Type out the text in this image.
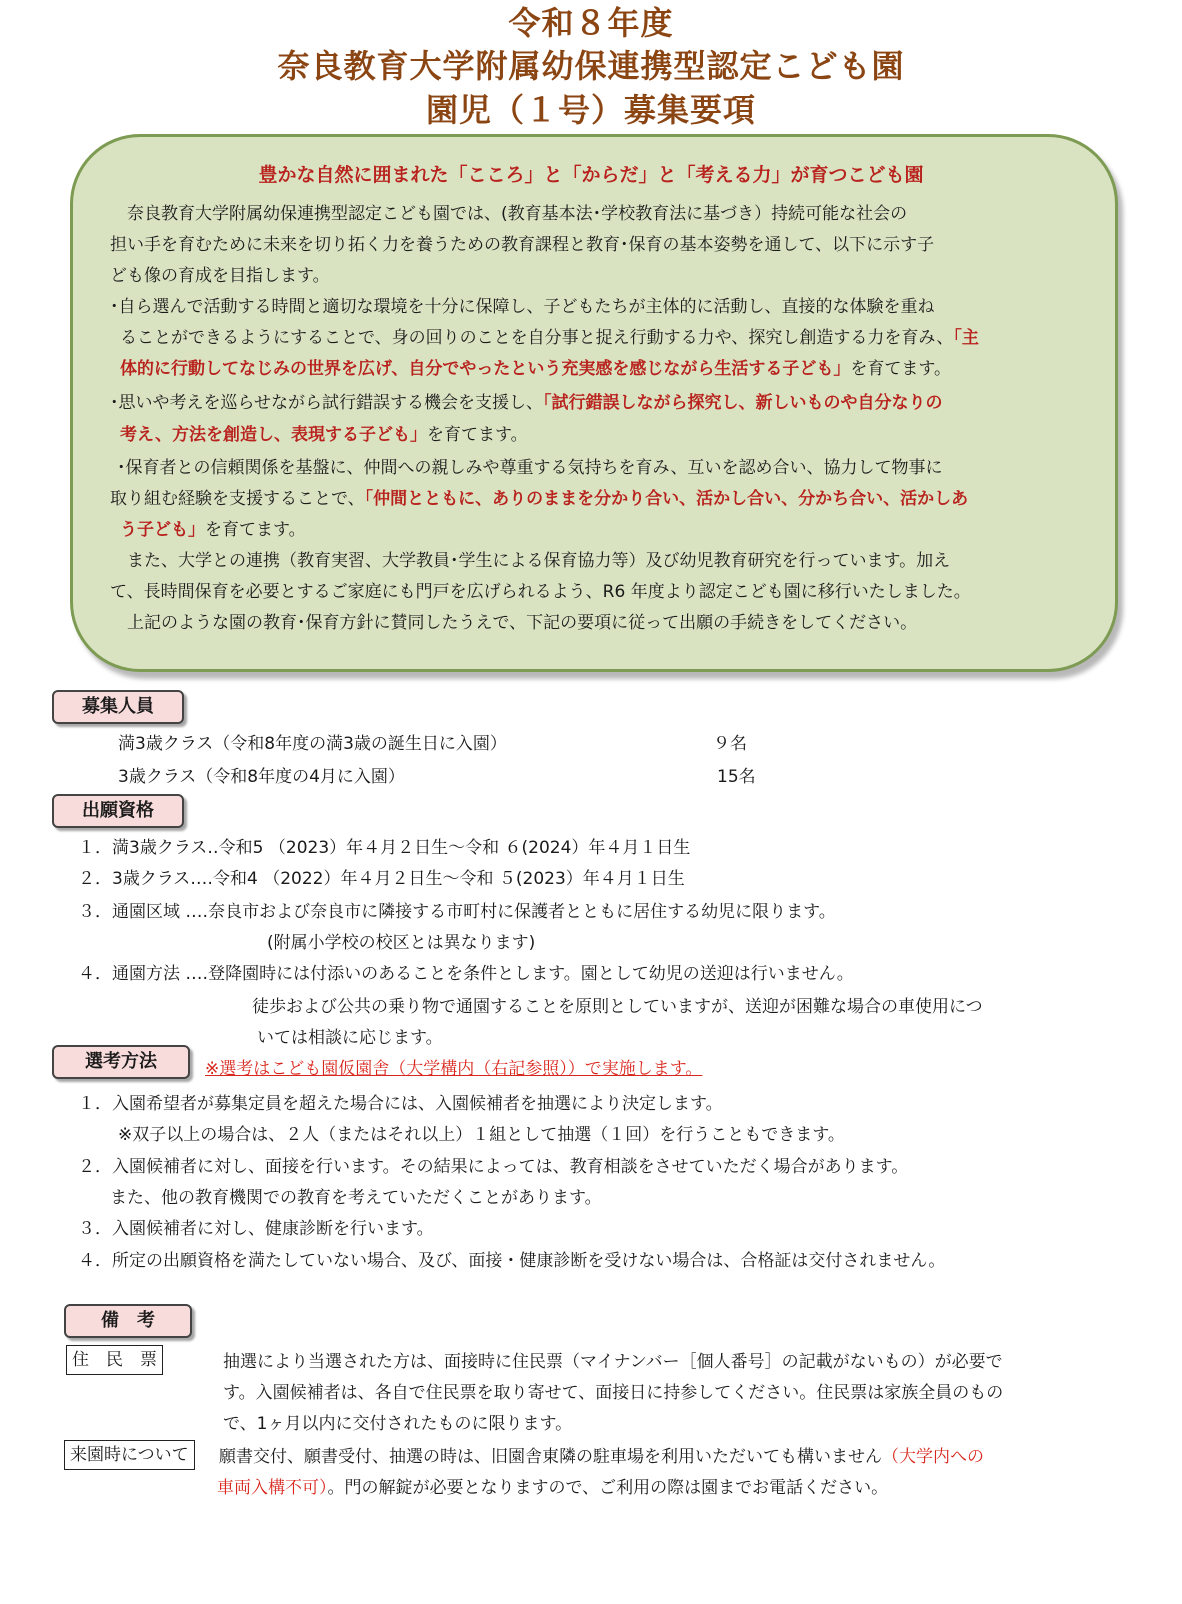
令和８年度
奈良教育大学附属幼保連携型認定こども園
園児（１号）募集要項
豊かな自然に囲まれた「こころ」と「からだ」と「考える力」が育つこども園
奈良教育大学附属幼保連携型認定こども園では、(教育基本法･学校教育法に基づき）持続可能な社会の
担い手を育むために未来を切り拓く力を養うための教育課程と教育･保育の基本姿勢を通して、以下に示す子
ども像の育成を目指します。
･自ら選んで活動する時間と適切な環境を十分に保障し、子どもたちが主体的に活動し、直接的な体験を重ね
ることができるようにすることで、身の回りのことを自分事と捉え行動する力や、探究し創造する力を育み、「主
体的に行動してなじみの世界を広げ、自分でやったという充実感を感じながら生活する子ども」を育てます。
･思いや考えを巡らせながら試行錯誤する機会を支援し、「試行錯誤しながら探究し、新しいものや自分なりの
考え、方法を創造し、表現する子ども」を育てます。
･保育者との信頼関係を基盤に、仲間への親しみや尊重する気持ちを育み、互いを認め合い、協力して物事に
取り組む経験を支援することで、「仲間とともに、ありのままを分かり合い、活かし合い、分かち合い、活かしあ
う子ども」を育てます。
また、大学との連携（教育実習、大学教員･学生による保育協力等）及び幼児教育研究を行っています。加え
て、長時間保育を必要とするご家庭にも門戸を広げられるよう、R6 年度より認定こども園に移行いたしました。
上記のような園の教育･保育方針に賛同したうえで、下記の要項に従って出願の手続きをしてください。
募集人員
満3歳クラス（令和8年度の満3歳の誕生日に入園）	９名
3歳クラス（令和8年度の4月に入園）	15名
出願資格
１．満3歳クラス‥令和5 （2023）年４月２日生～令和 ６(2024）年４月１日生
２．3歳クラス‥‥令和4 （2022）年４月２日生～令和 ５(2023）年４月１日生
３．通園区域 ‥‥奈良市および奈良市に隣接する市町村に保護者とともに居住する幼児に限ります。
(附属小学校の校区とは異なります)
４．通園方法 ‥‥登降園時には付添いのあることを条件とします。園として幼児の送迎は行いません。
徒歩および公共の乗り物で通園することを原則としていますが、送迎が困難な場合の車使用につ
いては相談に応じます。
選考方法	※選考はこども園仮園舎（大学構内（右記参照））で実施します。
１．入園希望者が募集定員を超えた場合には、入園候補者を抽選により決定します。
※双子以上の場合は、２人（またはそれ以上）１組として抽選（１回）を行うこともできます。
２．入園候補者に対し、面接を行います。その結果によっては、教育相談をさせていただく場合があります。
また、他の教育機関での教育を考えていただくことがあります。
３．入園候補者に対し、健康診断を行います。
４．所定の出願資格を満たしていない場合、及び、面接・健康診断を受けない場合は、合格証は交付されません。
備　考
住　民　票	抽選により当選された方は、面接時に住民票（マイナンバー［個人番号］の記載がないもの）が必要で
す。入園候補者は、各自で住民票を取り寄せて、面接日に持参してください。住民票は家族全員のもの
で、1ヶ月以内に交付されたものに限ります。
来園時について	願書交付、願書受付、抽選の時は、旧園舎東隣の駐車場を利用いただいても構いません（大学内への
車両入構不可）。門の解錠が必要となりますので、ご利用の際は園までお電話ください。
